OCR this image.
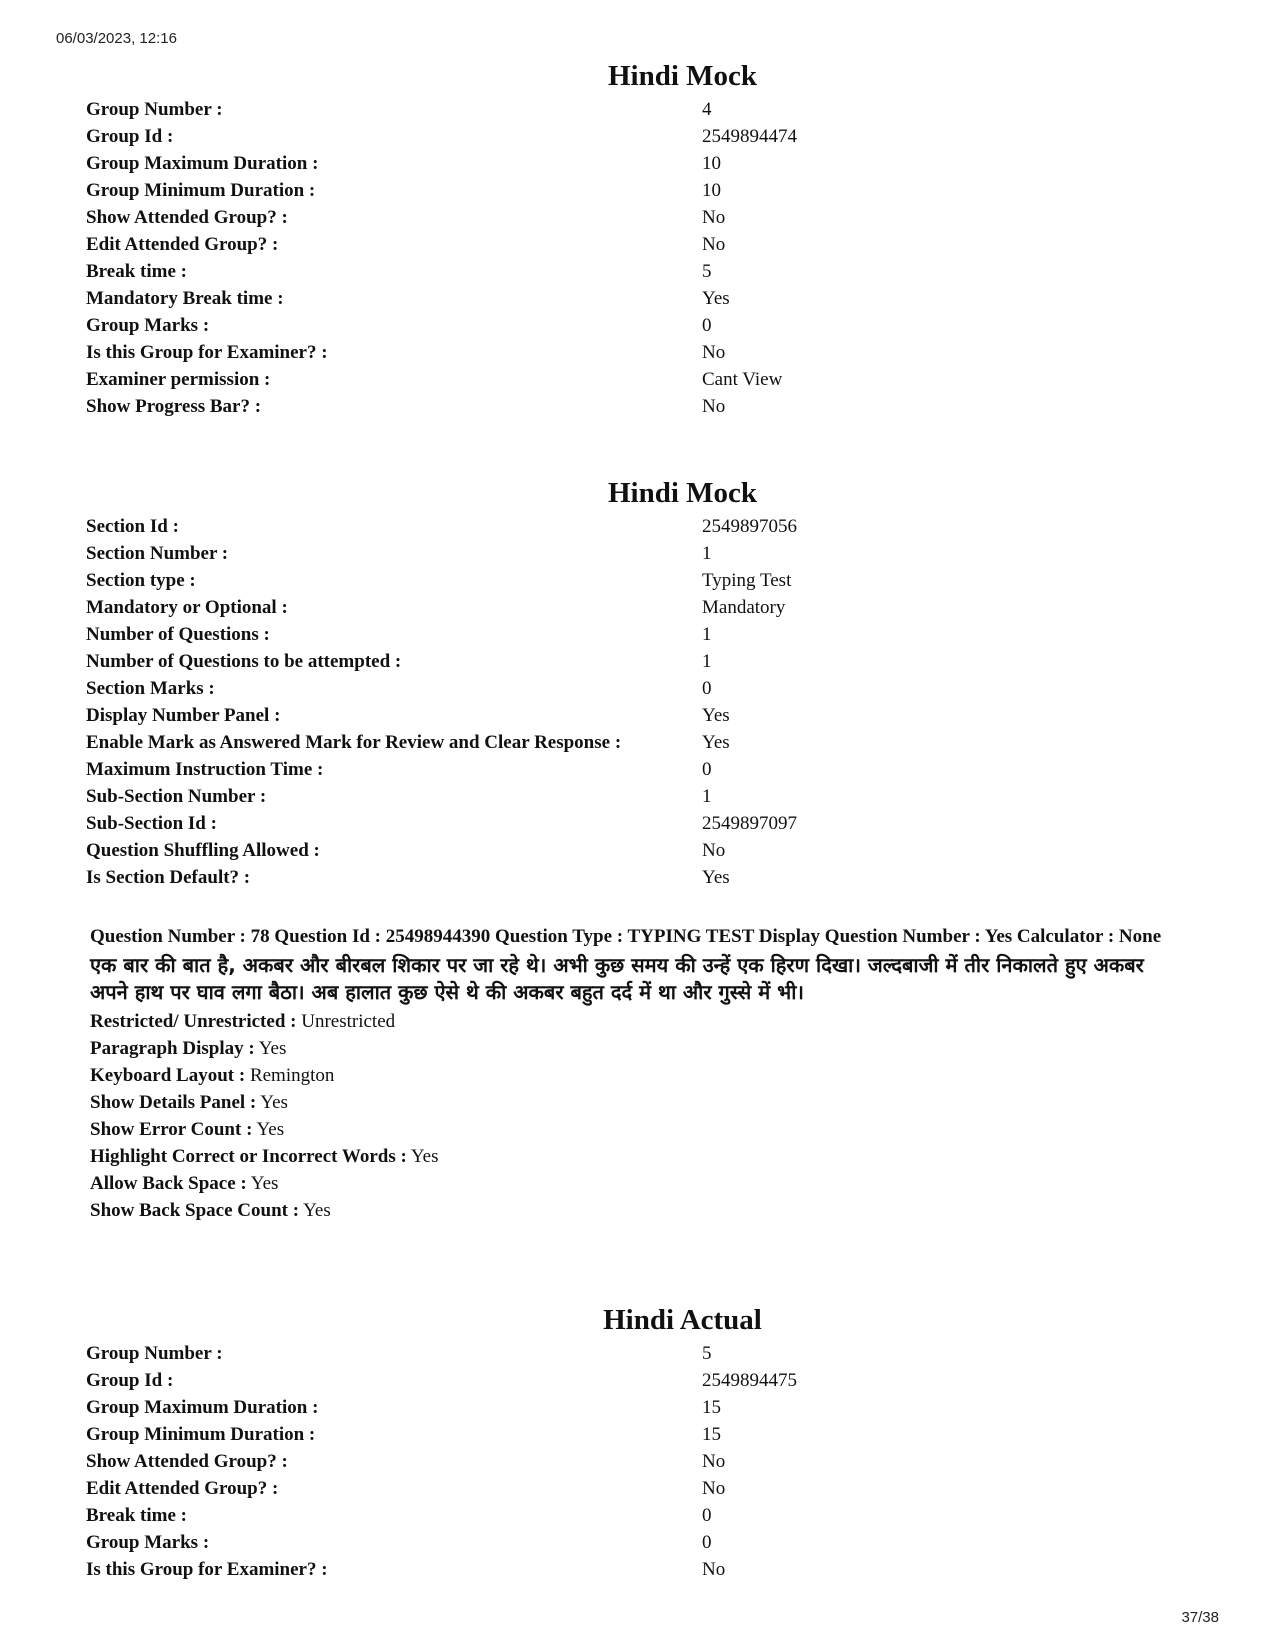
06/03/2023, 12:16
Hindi Mock
Group Number :	4
Group Id :	2549894474
Group Maximum Duration :	10
Group Minimum Duration :	10
Show Attended Group? :	No
Edit Attended Group? :	No
Break time :	5
Mandatory Break time :	Yes
Group Marks :	0
Is this Group for Examiner? :	No
Examiner permission :	Cant View
Show Progress Bar? :	No
Hindi Mock
Section Id :	2549897056
Section Number :	1
Section type :	Typing Test
Mandatory or Optional :	Mandatory
Number of Questions :	1
Number of Questions to be attempted :	1
Section Marks :	0
Display Number Panel :	Yes
Enable Mark as Answered Mark for Review and Clear Response :	Yes
Maximum Instruction Time :	0
Sub-Section Number :	1
Sub-Section Id :	2549897097
Question Shuffling Allowed :	No
Is Section Default? :	Yes
Question Number : 78 Question Id : 25498944390 Question Type : TYPING TEST Display Question Number : Yes Calculator : None
एक बार की बात है, अकबर और बीरबल शिकार पर जा रहे थे। अभी कुछ समय की उन्हें एक हिरण दिखा। जल्दबाजी में तीर निकालते हुए अकबर अपने हाथ पर घाव लगा बैठा। अब हालात कुछ ऐसे थे की अकबर बहुत दर्द में था और गुस्से में भी।
Restricted/ Unrestricted : Unrestricted
Paragraph Display : Yes
Keyboard Layout : Remington
Show Details Panel : Yes
Show Error Count : Yes
Highlight Correct or Incorrect Words : Yes
Allow Back Space : Yes
Show Back Space Count : Yes
Hindi Actual
Group Number :	5
Group Id :	2549894475
Group Maximum Duration :	15
Group Minimum Duration :	15
Show Attended Group? :	No
Edit Attended Group? :	No
Break time :	0
Group Marks :	0
Is this Group for Examiner? :	No
37/38
